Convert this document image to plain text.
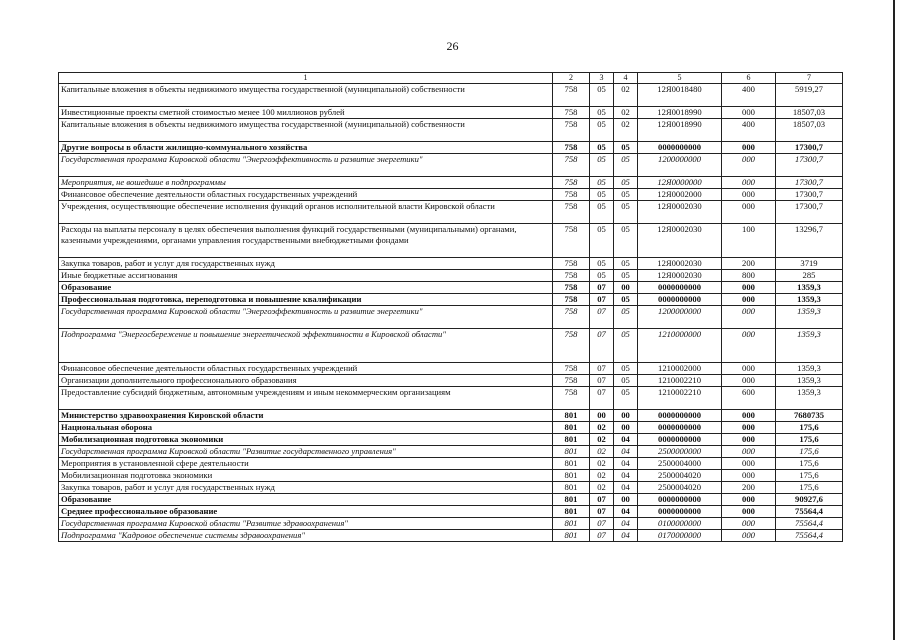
26
1	2	3	4	5	6	7
Капитальные вложения в объекты недвижимого имущества государственной (муниципальной) собственности	758	05	02	12Я0018480	400	5919,27
Инвестиционные проекты сметной стоимостью менее 100 миллионов рублей	758	05	02	12Я0018990	000	18507,03
Капитальные вложения в объекты недвижимого имущества государственной (муниципальной) собственности	758	05	02	12Я0018990	400	18507,03
Другие вопросы в области жилищно-коммунального хозяйства	758	05	05	0000000000	000	17300,7
Государственная программа Кировской области "Энергоэффективность и развитие энергетики"	758	05	05	1200000000	000	17300,7
Мероприятия, не вошедшие в подпрограммы	758	05	05	12Я0000000	000	17300,7
Финансовое обеспечение деятельности областных государственных учреждений	758	05	05	12Я0002000	000	17300,7
Учреждения, осуществляющие обеспечение исполнения функций органов исполнительной власти Кировской области	758	05	05	12Я0002030	000	17300,7
Расходы на выплаты персоналу в целях обеспечения выполнения функций государственными (муниципальными) органами, казенными учреждениями, органами управления государственными внебюджетными фондами	758	05	05	12Я0002030	100	13296,7
Закупка товаров, работ и услуг для государственных нужд	758	05	05	12Я0002030	200	3719
Иные бюджетные ассигнования	758	05	05	12Я0002030	800	285
Образование	758	07	00	0000000000	000	1359,3
Профессиональная подготовка, переподготовка и повышение квалификации	758	07	05	0000000000	000	1359,3
Государственная программа Кировской области "Энергоэффективность и развитие энергетики"	758	07	05	1200000000	000	1359,3
Подпрограмма "Энергосбережение и повышение энергетической эффективности в Кировской области"	758	07	05	1210000000	000	1359,3
Финансовое обеспечение деятельности областных государственных учреждений	758	07	05	1210002000	000	1359,3
Организации дополнительного профессионального образования	758	07	05	1210002210	000	1359,3
Предоставление субсидий бюджетным, автономным учреждениям и иным некоммерческим организациям	758	07	05	1210002210	600	1359,3
Министерство здравоохранения Кировской области	801	00	00	0000000000	000	7680735
Национальная оборона	801	02	00	0000000000	000	175,6
Мобилизационная подготовка экономики	801	02	04	0000000000	000	175,6
Государственная программа Кировской области "Развитие государственного управления"	801	02	04	2500000000	000	175,6
Мероприятия в установленной сфере деятельности	801	02	04	2500004000	000	175,6
Мобилизационная подготовка экономики	801	02	04	2500004020	000	175,6
Закупка товаров, работ и услуг для государственных нужд	801	02	04	2500004020	200	175,6
Образование	801	07	00	0000000000	000	90927,6
Среднее профессиональное образование	801	07	04	0000000000	000	75564,4
Государственная программа Кировской области "Развитие здравоохранения"	801	07	04	0100000000	000	75564,4
Подпрограмма "Кадровое обеспечение системы здравоохранения"	801	07	04	0170000000	000	75564,4
